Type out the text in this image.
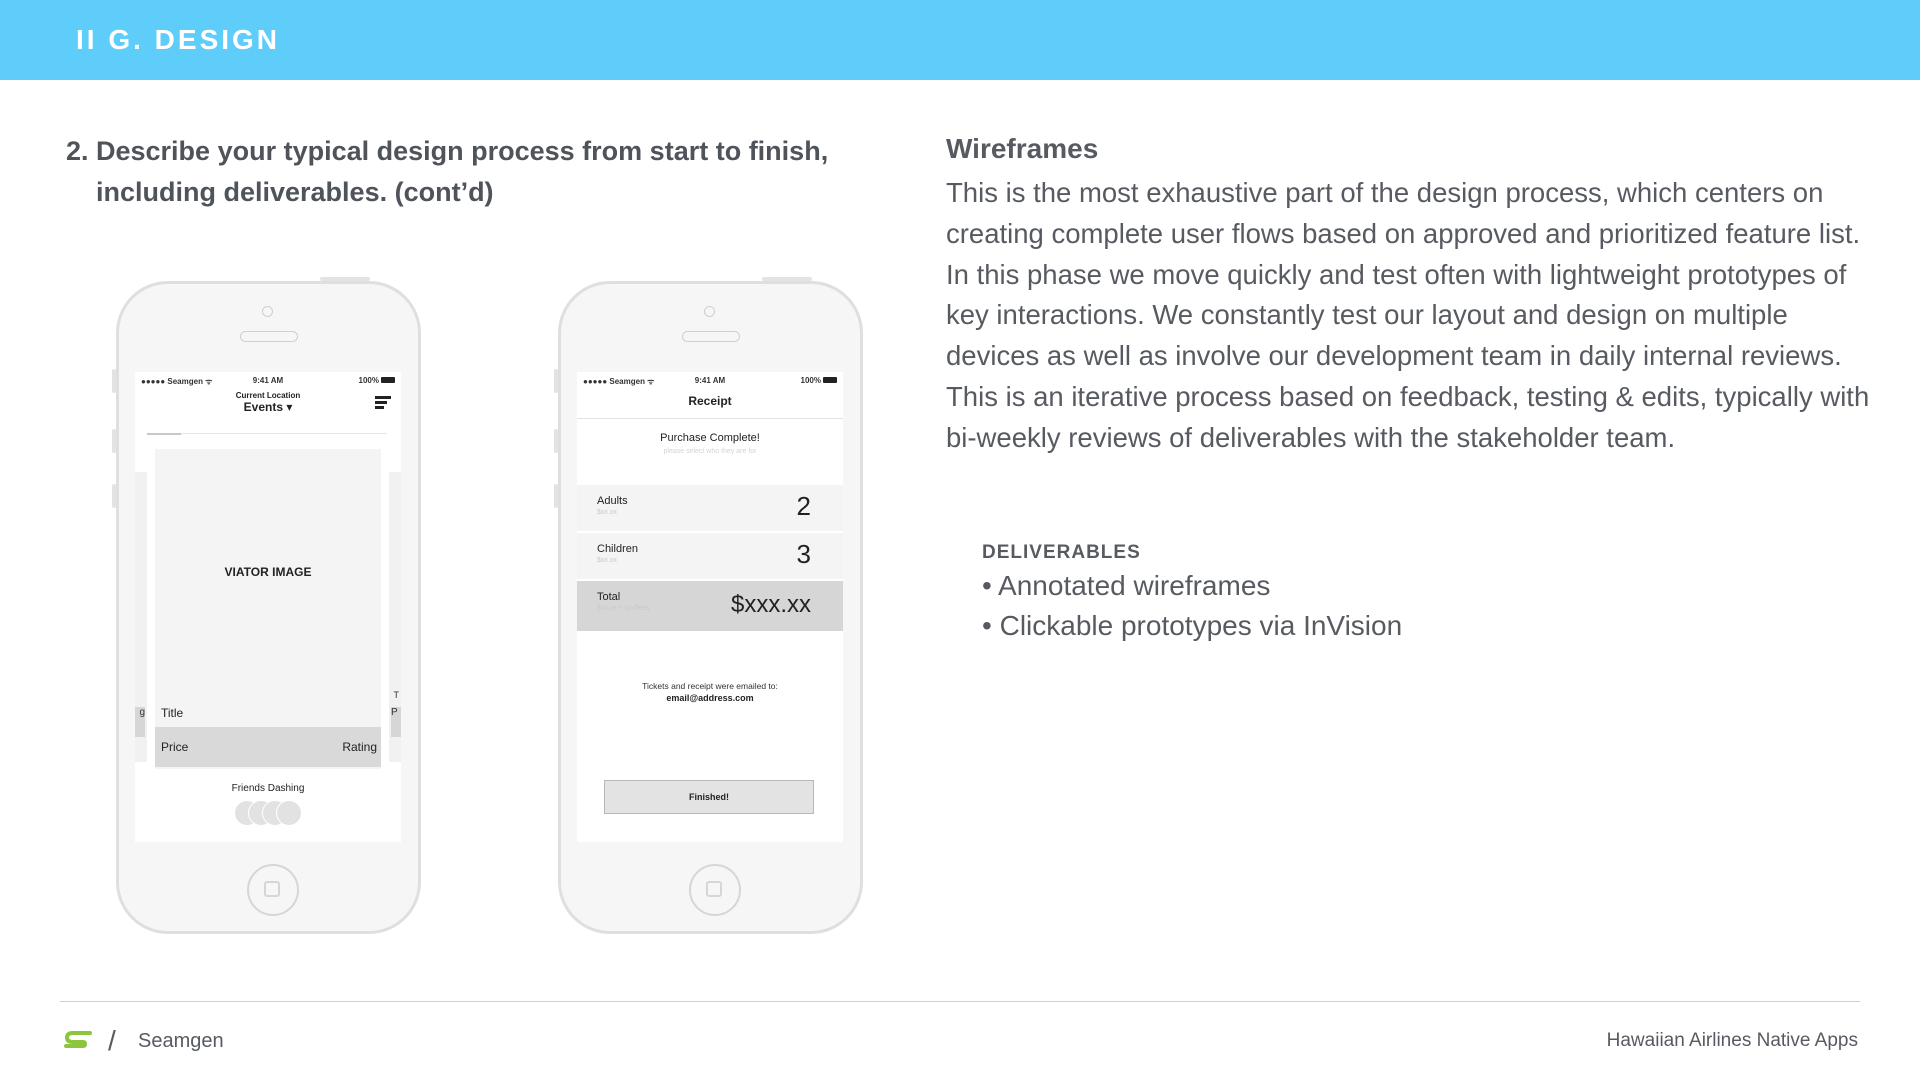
II G. DESIGN
2. Describe your typical design process from start to finish, including deliverables. (cont’d)
●●●●● Seamgen ᯤ	9:41 AM	100%
Current Location
Events ▾
g
T
P
VIATOR IMAGE
Title
Price	Rating
Friends Dashing
●●●●● Seamgen ᯤ	9:41 AM	100%
Receipt
Purchase Complete!
please select who they are for
Adults
$xx.xx	2
Children
$xx.xx	3
Total
$xx.xx + tax/fees	$xxx.xx
Tickets and receipt were emailed to:
email@address.com
Finished!
Wireframes
This is the most exhaustive part of the design process, which centers on creating complete user flows based on approved and prioritized feature list. In this phase we move quickly and test often with lightweight prototypes of key interactions. We constantly test our layout and design on multiple devices as well as involve our development team in daily internal reviews. This is an iterative process based on feedback, testing & edits, typically with bi-weekly reviews of deliverables with the stakeholder team.
DELIVERABLES
• Annotated wireframes
• Clickable prototypes via InVision
/ Seamgen	Hawaiian Airlines Native Apps
